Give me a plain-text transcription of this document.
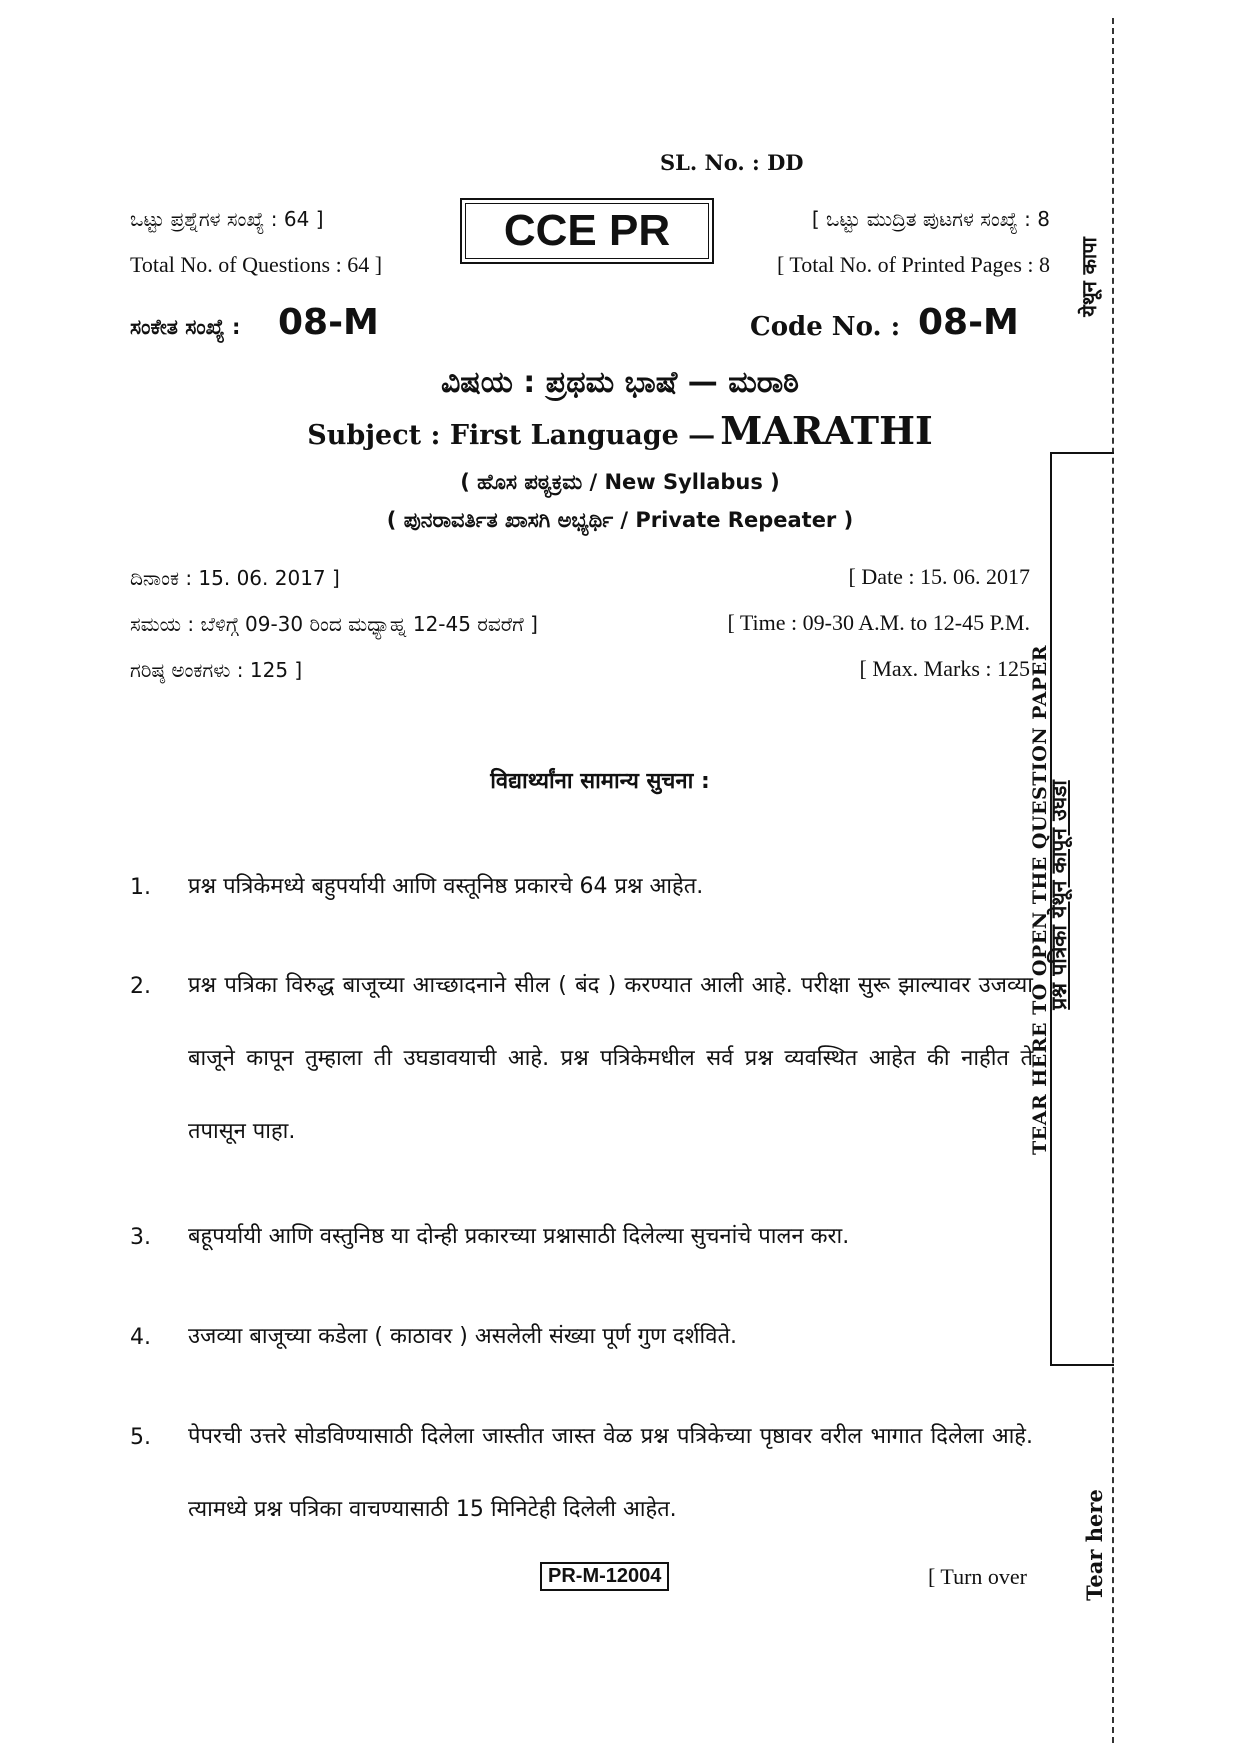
SL. No. : DD
ಒಟ್ಟು ಪ್ರಶ್ನೆಗಳ ಸಂಖ್ಯೆ : 64 ]
Total No. of Questions : 64 ]
CCE PR	[ ಒಟ್ಟು ಮುದ್ರಿತ ಪುಟಗಳ ಸಂಖ್ಯೆ : 8
[ Total No. of Printed Pages : 8
ಸಂಕೇತ ಸಂಖ್ಯೆ : 08-M	Code No. : 08-M
ವಿಷಯ : ಪ್ರಥಮ ಭಾಷೆ — ಮರಾಠಿ
Subject : First Language — MARATHI
( ಹೊಸ ಪಠ್ಯಕ್ರಮ / New Syllabus )
( ಪುನರಾವರ್ತಿತ ಖಾಸಗಿ ಅಭ್ಯರ್ಥಿ / Private Repeater )
ದಿನಾಂಕ : 15. 06. 2017 ]	[ Date : 15. 06. 2017
ಸಮಯ : ಬೆಳಿಗ್ಗೆ 09-30 ರಿಂದ ಮಧ್ಯಾಹ್ನ 12-45 ರವರೆಗೆ ]	[ Time : 09-30 A.M. to 12-45 P.M.
ಗರಿಷ್ಠ ಅಂಕಗಳು : 125 ]	[ Max. Marks : 125
विद्यार्थ्यांना सामान्य सुचना :
1. प्रश्न पत्रिकेमध्ये बहुपर्यायी आणि वस्तूनिष्ठ प्रकारचे 64 प्रश्न आहेत.
2. प्रश्न पत्रिका विरुद्ध बाजूच्या आच्छादनाने सील ( बंद ) करण्यात आली आहे. परीक्षा सुरू झाल्यावर उजव्या बाजूने कापून तुम्हाला ती उघडावयाची आहे. प्रश्न पत्रिकेमधील सर्व प्रश्न व्यवस्थित आहेत की नाहीत ते तपासून पाहा.
3. बहूपर्यायी आणि वस्तुनिष्ठ या दोन्ही प्रकारच्या प्रश्नासाठी दिलेल्या सुचनांचे पालन करा.
4. उजव्या बाजूच्या कडेला ( काठावर ) असलेली संख्या पूर्ण गुण दर्शविते.
5. पेपरची उत्तरे सोडविण्यासाठी दिलेला जास्तीत जास्त वेळ प्रश्न पत्रिकेच्या पृष्ठावर वरील भागात दिलेला आहे. त्यामध्ये प्रश्न पत्रिका वाचण्यासाठी 15 मिनिटेही दिलेली आहेत.
PR-M-12004	[ Turn over
येथून कापा
TEAR HERE TO OPEN THE QUESTION PAPER
प्रश्न पत्रिका येथून कापून उघडा
Tear here
